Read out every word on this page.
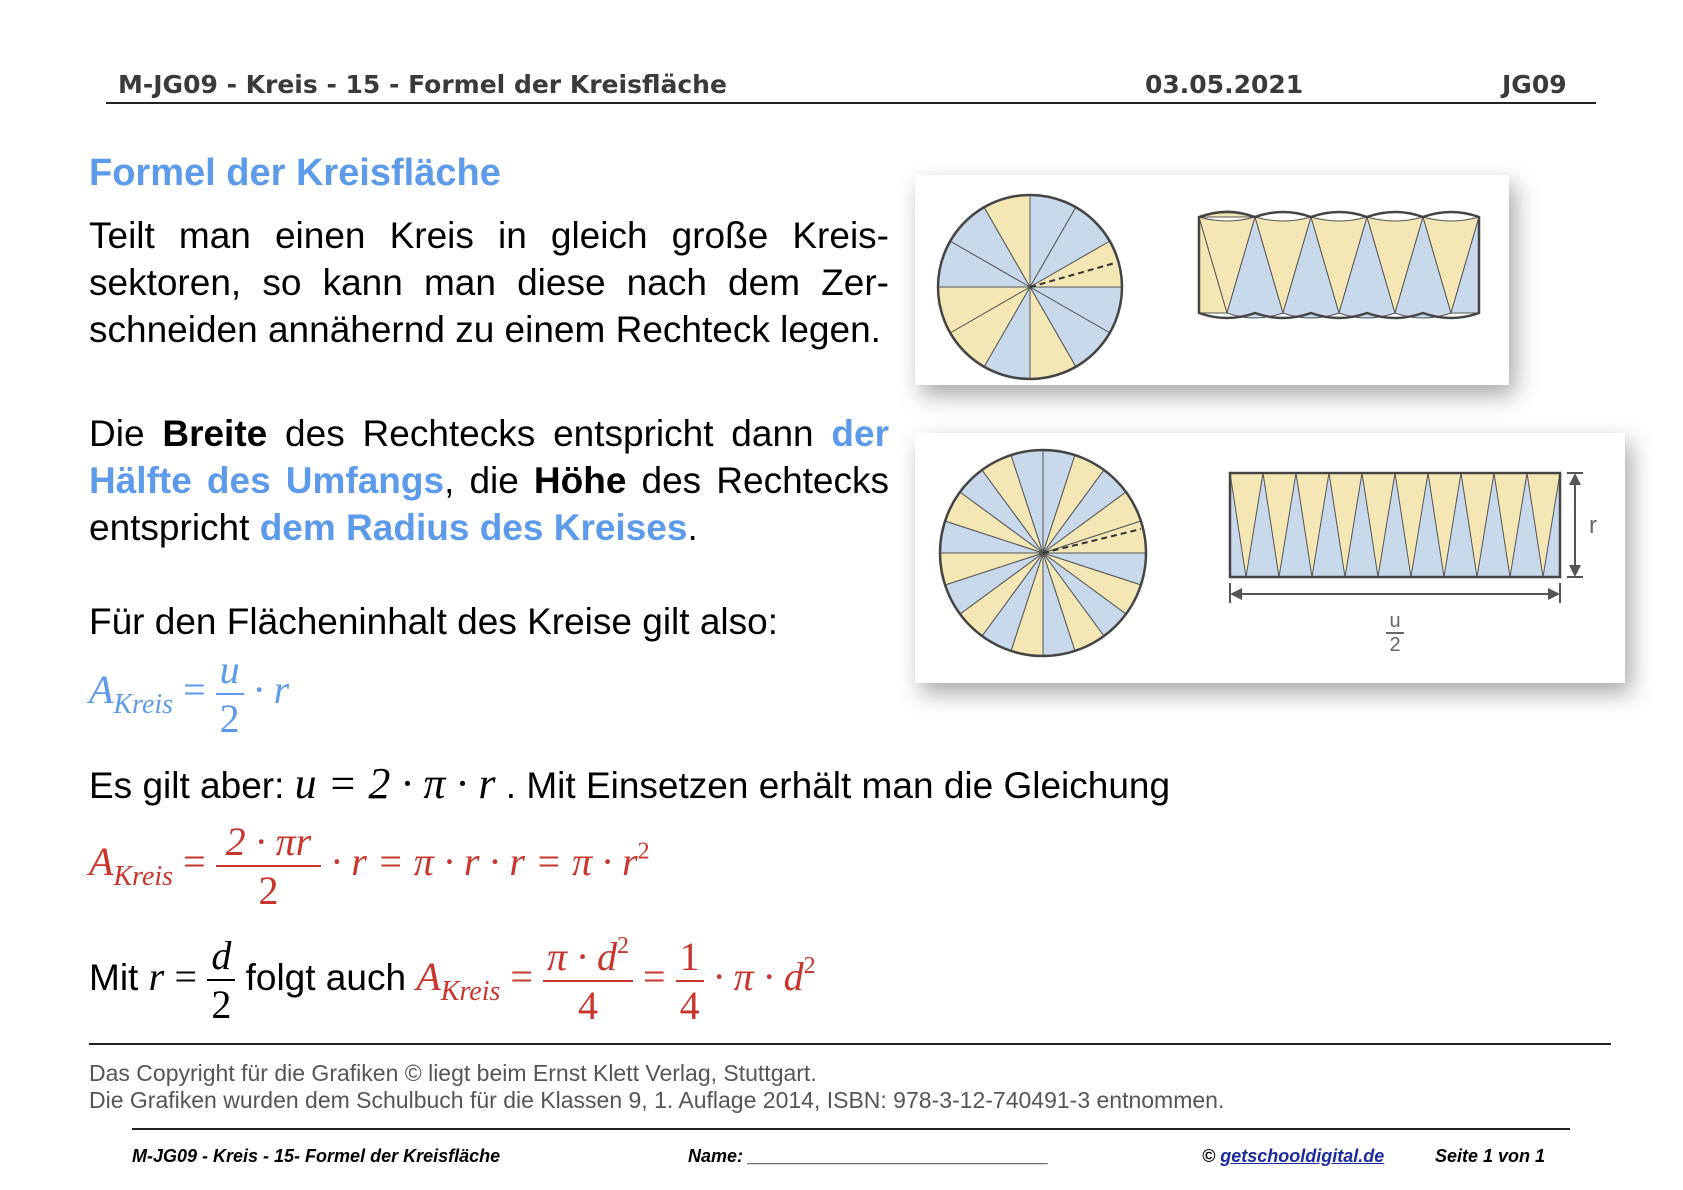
M-JG09 - Kreis - 15 - Formel der Kreisfläche	03.05.2021	JG09
Formel der Kreisfläche
Teilt man einen Kreis in gleich große Kreis-sektoren, so kann man diese nach dem Zer-schneiden annähernd zu einem Rechteck legen.
Die Breite des Rechtecks entspricht dann der Hälfte des Umfangs, die Höhe des Rechtecks entspricht dem Radius des Kreises.
Für den Flächeninhalt des Kreise gilt also:
$A_{Kreis} = \frac{u}{2} \cdot r$
Es gilt aber: u = 2 · π · r . Mit Einsetzen erhält man die Gleichung
$A_{Kreis} = \frac{2 \cdot \pi r}{2} \cdot r = \pi \cdot r \cdot r = \pi \cdot r^2$
Mit $r = \frac{d}{2}$ folgt auch $A_{Kreis} = \frac{\pi \cdot d^2}{4} = \frac{1}{4} \cdot \pi \cdot d^2$
r
u
2
Das Copyright für die Grafiken © liegt beim Ernst Klett Verlag, Stuttgart.
Die Grafiken wurden dem Schulbuch für die Klassen 9, 1. Auflage 2014, ISBN: 978-3-12-740491-3 entnommen.
M-JG09 - Kreis - 15- Formel der Kreisfläche	Name: ______________________________	© getschooldigital.de	Seite 1 von 1
